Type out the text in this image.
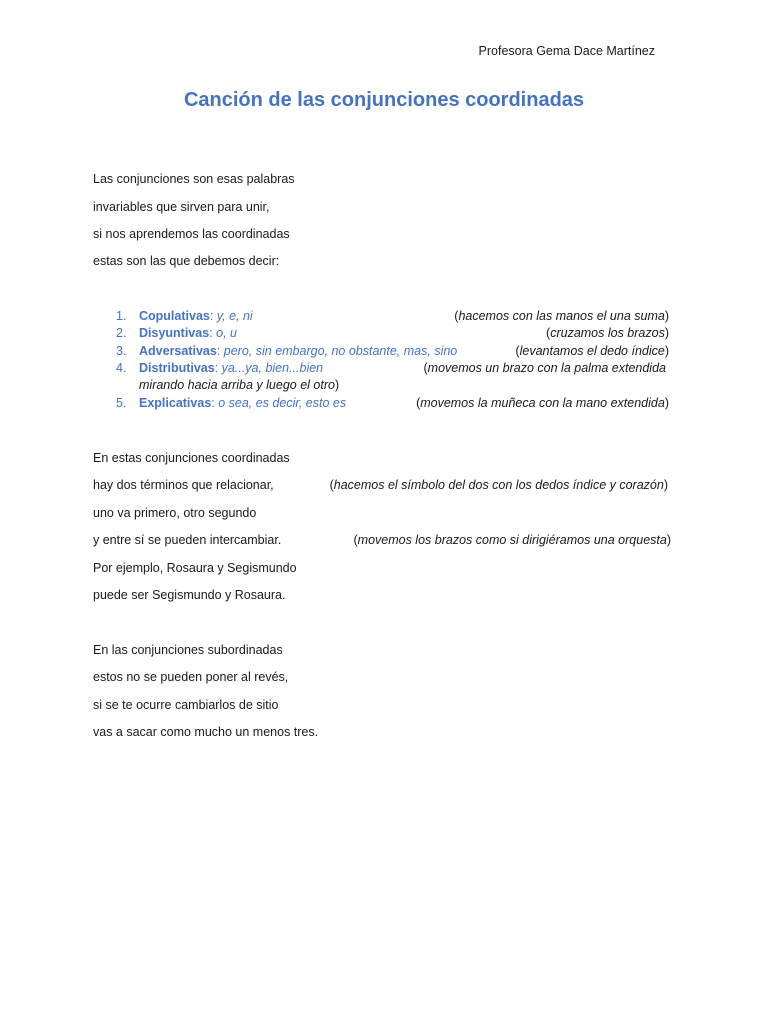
Profesora Gema Dace Martínez
Canción de las conjunciones coordinadas
Las conjunciones son esas palabras
invariables que sirven para unir,
si nos aprendemos las coordinadas
estas son las que debemos decir:
1. Copulativas: y, e, ni	(hacemos con las manos el una suma)
2. Disyuntivas: o, u	(cruzamos los brazos)
3. Adversativas: pero, sin embargo, no obstante, mas, sino	(levantamos el dedo índice)
4. Distributivas: ya...ya, bien...bien	(movemos un brazo con la palma extendida
mirando hacia arriba y luego el otro)
5. Explicativas: o sea, es decir, esto es	(movemos la muñeca con la mano extendida)
En estas conjunciones coordinadas
hay dos términos que relacionar,	(hacemos el símbolo del dos con los dedos índice y corazón)
uno va primero, otro segundo
y entre sí se pueden intercambiar.	(movemos los brazos como si dirigiéramos una orquesta)
Por ejemplo, Rosaura y Segismundo
puede ser Segismundo y Rosaura.
En las conjunciones subordinadas
estos no se pueden poner al revés,
si se te ocurre cambiarlos de sitio
vas a sacar como mucho un menos tres.
